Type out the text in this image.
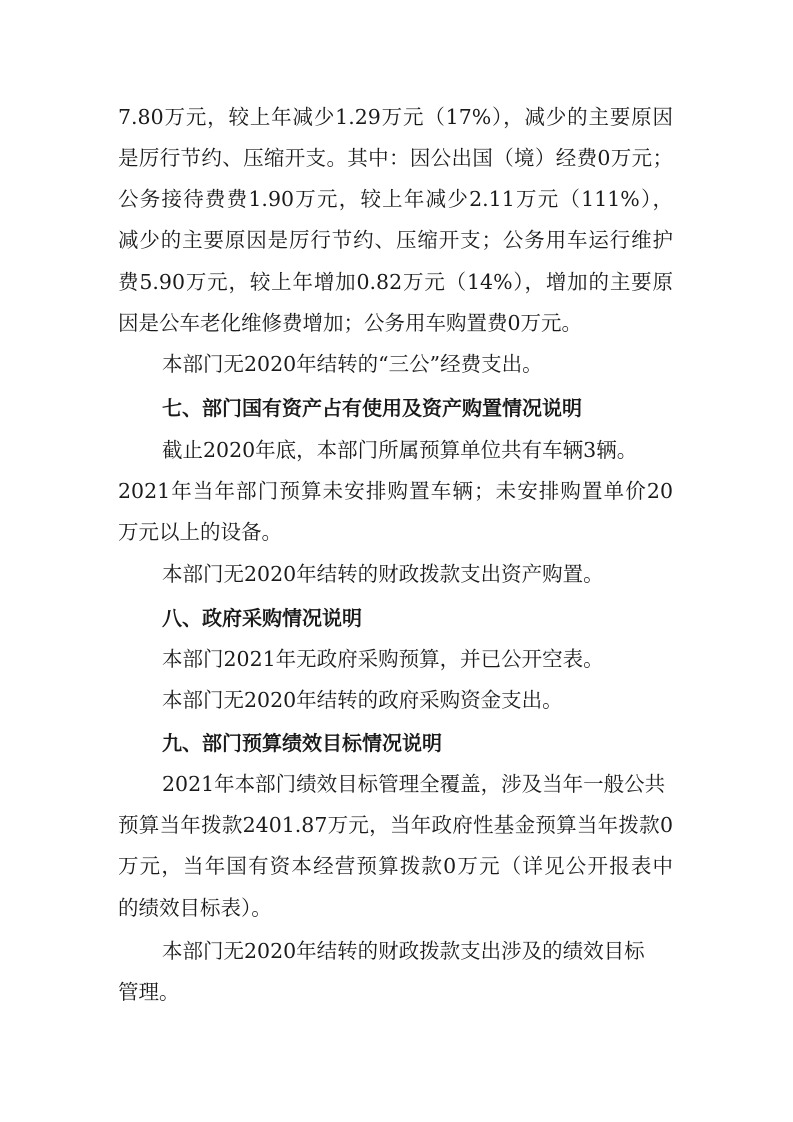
7.80万元，较上年减少1.29万元（17%），减少的主要原因
是厉行节约、压缩开支。其中：因公出国（境）经费0万元；
公务接待费费1.90万元，较上年减少2.11万元（111%），
减少的主要原因是厉行节约、压缩开支；公务用车运行维护
费5.90万元，较上年增加0.82万元（14%），增加的主要原
因是公车老化维修费增加；公务用车购置费0万元。
本部门无2020年结转的“三公”经费支出。
七、部门国有资产占有使用及资产购置情况说明
截止2020年底，本部门所属预算单位共有车辆3辆。
2021年当年部门预算未安排购置车辆；未安排购置单价20
万元以上的设备。
本部门无2020年结转的财政拨款支出资产购置。
八、政府采购情况说明
本部门2021年无政府采购预算，并已公开空表。
本部门无2020年结转的政府采购资金支出。
九、部门预算绩效目标情况说明
2021年本部门绩效目标管理全覆盖，涉及当年一般公共
预算当年拨款2401.87万元，当年政府性基金预算当年拨款0
万元，当年国有资本经营预算拨款0万元（详见公开报表中
的绩效目标表）。
本部门无2020年结转的财政拨款支出涉及的绩效目标
管理。
